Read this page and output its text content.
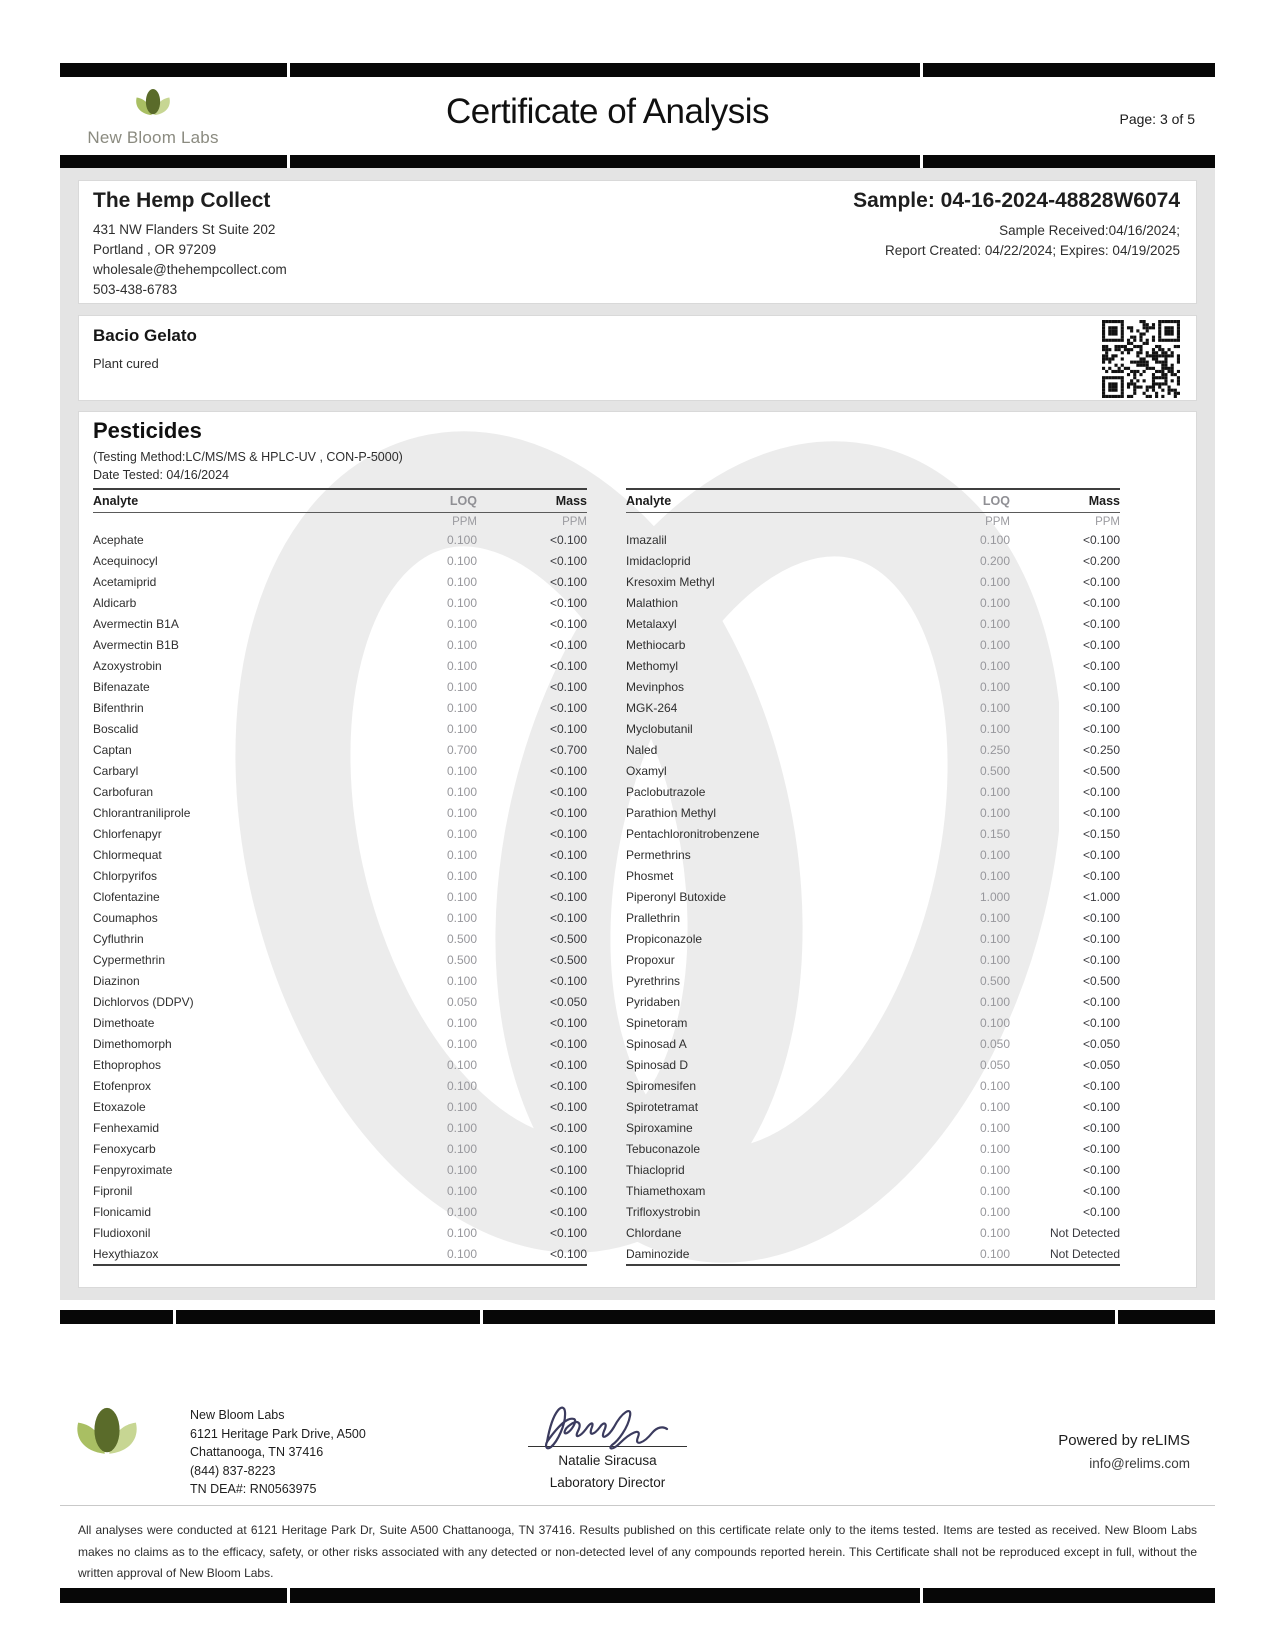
New Bloom Labs
Certificate of Analysis	Page: 3 of 5
The Hemp Collect
431 NW Flanders St Suite 202
Portland , OR 97209
wholesale@thehempcollect.com
503-438-6783
Sample: 04-16-2024-48828W6074
Sample Received:04/16/2024;
Report Created: 04/22/2024; Expires: 04/19/2025
Bacio Gelato
Plant cured
Pesticides
(Testing Method:LC/MS/MS & HPLC-UV , CON-P-5000)
Date Tested: 04/16/2024
Analyte	LOQ	Mass
PPM	PPM
Acephate	0.100	<0.100
Acequinocyl	0.100	<0.100
Acetamiprid	0.100	<0.100
Aldicarb	0.100	<0.100
Avermectin B1A	0.100	<0.100
Avermectin B1B	0.100	<0.100
Azoxystrobin	0.100	<0.100
Bifenazate	0.100	<0.100
Bifenthrin	0.100	<0.100
Boscalid	0.100	<0.100
Captan	0.700	<0.700
Carbaryl	0.100	<0.100
Carbofuran	0.100	<0.100
Chlorantraniliprole	0.100	<0.100
Chlorfenapyr	0.100	<0.100
Chlormequat	0.100	<0.100
Chlorpyrifos	0.100	<0.100
Clofentazine	0.100	<0.100
Coumaphos	0.100	<0.100
Cyfluthrin	0.500	<0.500
Cypermethrin	0.500	<0.500
Diazinon	0.100	<0.100
Dichlorvos (DDPV)	0.050	<0.050
Dimethoate	0.100	<0.100
Dimethomorph	0.100	<0.100
Ethoprophos	0.100	<0.100
Etofenprox	0.100	<0.100
Etoxazole	0.100	<0.100
Fenhexamid	0.100	<0.100
Fenoxycarb	0.100	<0.100
Fenpyroximate	0.100	<0.100
Fipronil	0.100	<0.100
Flonicamid	0.100	<0.100
Fludioxonil	0.100	<0.100
Hexythiazox	0.100	<0.100
Analyte	LOQ	Mass
PPM	PPM
Imazalil	0.100	<0.100
Imidacloprid	0.200	<0.200
Kresoxim Methyl	0.100	<0.100
Malathion	0.100	<0.100
Metalaxyl	0.100	<0.100
Methiocarb	0.100	<0.100
Methomyl	0.100	<0.100
Mevinphos	0.100	<0.100
MGK-264	0.100	<0.100
Myclobutanil	0.100	<0.100
Naled	0.250	<0.250
Oxamyl	0.500	<0.500
Paclobutrazole	0.100	<0.100
Parathion Methyl	0.100	<0.100
Pentachloronitrobenzene	0.150	<0.150
Permethrins	0.100	<0.100
Phosmet	0.100	<0.100
Piperonyl Butoxide	1.000	<1.000
Prallethrin	0.100	<0.100
Propiconazole	0.100	<0.100
Propoxur	0.100	<0.100
Pyrethrins	0.500	<0.500
Pyridaben	0.100	<0.100
Spinetoram	0.100	<0.100
Spinosad A	0.050	<0.050
Spinosad D	0.050	<0.050
Spiromesifen	0.100	<0.100
Spirotetramat	0.100	<0.100
Spiroxamine	0.100	<0.100
Tebuconazole	0.100	<0.100
Thiacloprid	0.100	<0.100
Thiamethoxam	0.100	<0.100
Trifloxystrobin	0.100	<0.100
Chlordane	0.100	Not Detected
Daminozide	0.100	Not Detected
New Bloom Labs
6121 Heritage Park Drive, A500
Chattanooga, TN 37416
(844) 837-8223
TN DEA#: RN0563975
Natalie Siracusa
Laboratory Director
Powered by reLIMS
info@relims.com

All analyses were conducted at 6121 Heritage Park Dr, Suite A500 Chattanooga, TN 37416. Results published on this certificate relate only to the items tested. Items are tested as received. New Bloom Labs makes no claims as to the efficacy, safety, or other risks associated with any detected or non-detected level of any compounds reported herein. This Certificate shall not be reproduced except in full, without the written approval of New Bloom Labs.
